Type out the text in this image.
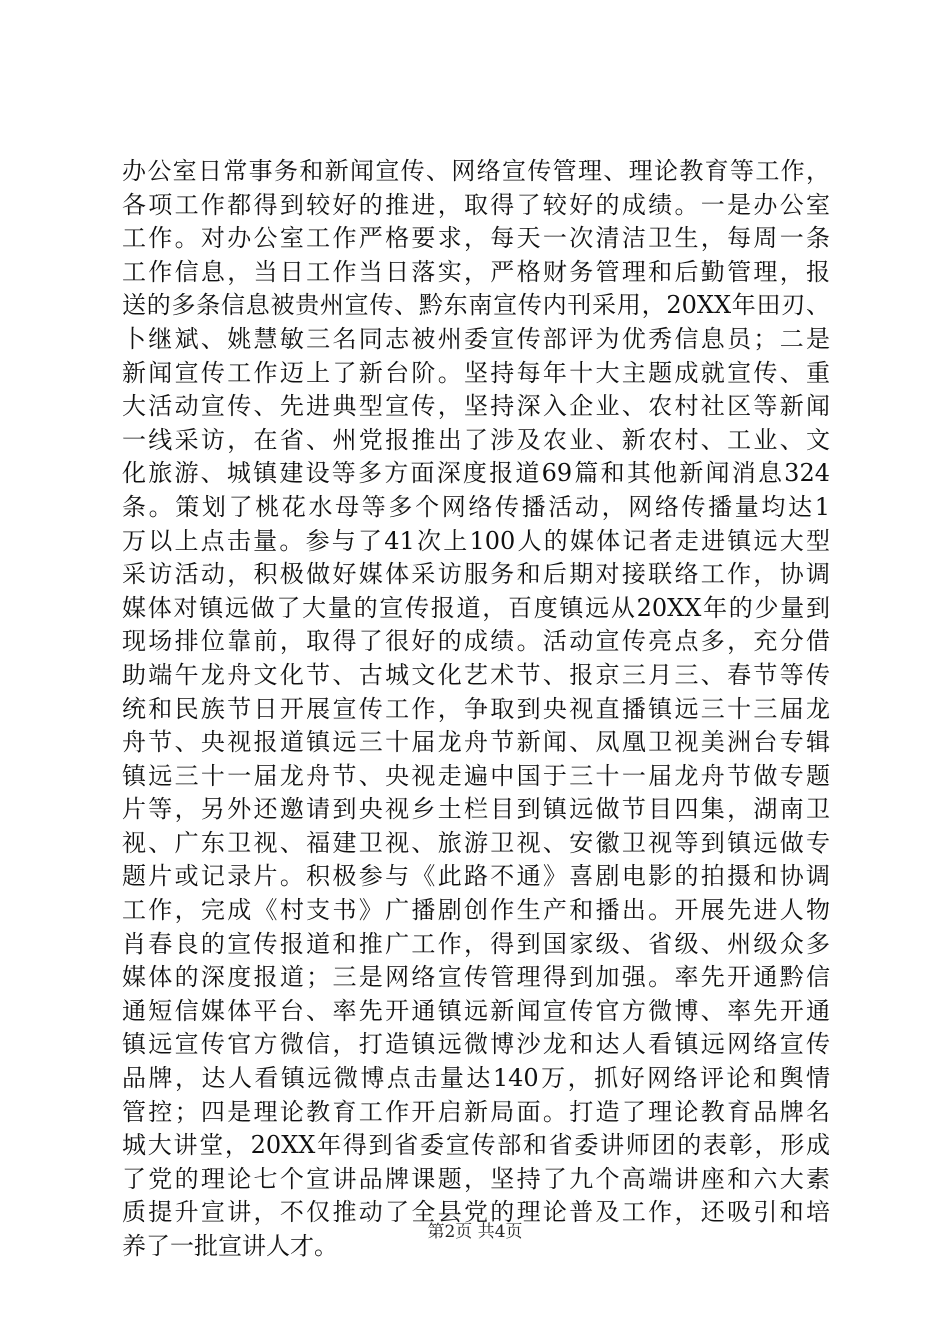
办公室日常事务和新闻宣传、网络宣传管理、理论教育等工作，
各项工作都得到较好的推进，取得了较好的成绩。一是办公室
工作。对办公室工作严格要求，每天一次清洁卫生，每周一条
工作信息，当日工作当日落实，严格财务管理和后勤管理，报
送的多条信息被贵州宣传、黔东南宣传内刊采用，20XX年田刃、
卜继斌、姚慧敏三名同志被州委宣传部评为优秀信息员；二是
新闻宣传工作迈上了新台阶。坚持每年十大主题成就宣传、重
大活动宣传、先进典型宣传，坚持深入企业、农村社区等新闻
一线采访，在省、州党报推出了涉及农业、新农村、工业、文
化旅游、城镇建设等多方面深度报道69篇和其他新闻消息324
条。策划了桃花水母等多个网络传播活动，网络传播量均达1
万以上点击量。参与了41次上100人的媒体记者走进镇远大型
采访活动，积极做好媒体采访服务和后期对接联络工作，协调
媒体对镇远做了大量的宣传报道，百度镇远从20XX年的少量到
现场排位靠前，取得了很好的成绩。活动宣传亮点多，充分借
助端午龙舟文化节、古城文化艺术节、报京三月三、春节等传
统和民族节日开展宣传工作，争取到央视直播镇远三十三届龙
舟节、央视报道镇远三十届龙舟节新闻、凤凰卫视美洲台专辑
镇远三十一届龙舟节、央视走遍中国于三十一届龙舟节做专题
片等，另外还邀请到央视乡土栏目到镇远做节目四集，湖南卫
视、广东卫视、福建卫视、旅游卫视、安徽卫视等到镇远做专
题片或记录片。积极参与《此路不通》喜剧电影的拍摄和协调
工作，完成《村支书》广播剧创作生产和播出。开展先进人物
肖春良的宣传报道和推广工作，得到国家级、省级、州级众多
媒体的深度报道；三是网络宣传管理得到加强。率先开通黔信
通短信媒体平台、率先开通镇远新闻宣传官方微博、率先开通
镇远宣传官方微信，打造镇远微博沙龙和达人看镇远网络宣传
品牌，达人看镇远微博点击量达140万，抓好网络评论和舆情
管控；四是理论教育工作开启新局面。打造了理论教育品牌名
城大讲堂，20XX年得到省委宣传部和省委讲师团的表彰，形成
了党的理论七个宣讲品牌课题，坚持了九个高端讲座和六大素
质提升宣讲，不仅推动了全县党的理论普及工作，还吸引和培
养了一批宣讲人才。	第2页 共4页
